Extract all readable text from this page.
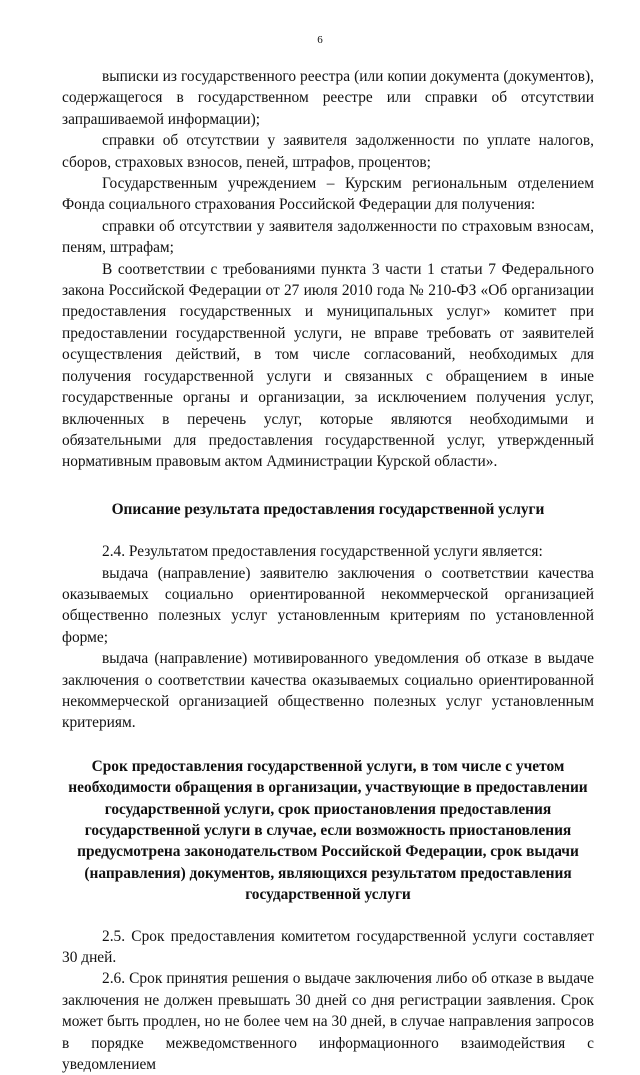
6

выписки из государственного реестра (или копии документа (документов), содержащегося в государственном реестре или справки об отсутствии запрашиваемой информации);

справки об отсутствии у заявителя задолженности по уплате налогов, сборов, страховых взносов, пеней, штрафов, процентов;

Государственным учреждением – Курским региональным отделением Фонда социального страхования Российской Федерации для получения:

справки об отсутствии у заявителя задолженности по страховым взносам, пеням, штрафам;

В соответствии с требованиями пункта 3 части 1 статьи 7 Федерального закона Российской Федерации от 27 июля 2010 года № 210-ФЗ «Об организации предоставления государственных и муниципальных услуг» комитет при предоставлении государственной услуги, не вправе требовать от заявителей осуществления действий, в том числе согласований, необходимых для получения государственной услуги и связанных с обращением в иные государственные органы и организации, за исключением получения услуг, включенных в перечень услуг, которые являются необходимыми и обязательными для предоставления государственной услуг, утвержденный нормативным правовым актом Администрации Курской области».

Описание результата предоставления государственной услуги

2.4. Результатом предоставления государственной услуги является:

выдача (направление) заявителю заключения о соответствии качества оказываемых социально ориентированной некоммерческой организацией общественно полезных услуг установленным критериям по установленной форме;

выдача (направление) мотивированного уведомления об отказе в выдаче заключения о соответствии качества оказываемых социально ориентированной некоммерческой организацией общественно полезных услуг установленным критериям.

Срок предоставления государственной услуги, в том числе с учетом необходимости обращения в организации, участвующие в предоставлении государственной услуги, срок приостановления предоставления государственной услуги в случае, если возможность приостановления предусмотрена законодательством Российской Федерации, срок выдачи (направления) документов, являющихся результатом предоставления государственной услуги

2.5. Срок предоставления комитетом государственной услуги составляет 30 дней.

2.6. Срок принятия решения о выдаче заключения либо об отказе в выдаче заключения не должен превышать 30 дней со дня регистрации заявления. Срок может быть продлен, но не более чем на 30 дней, в случае направления запросов в порядке межведомственного информационного взаимодействия с уведомлением
